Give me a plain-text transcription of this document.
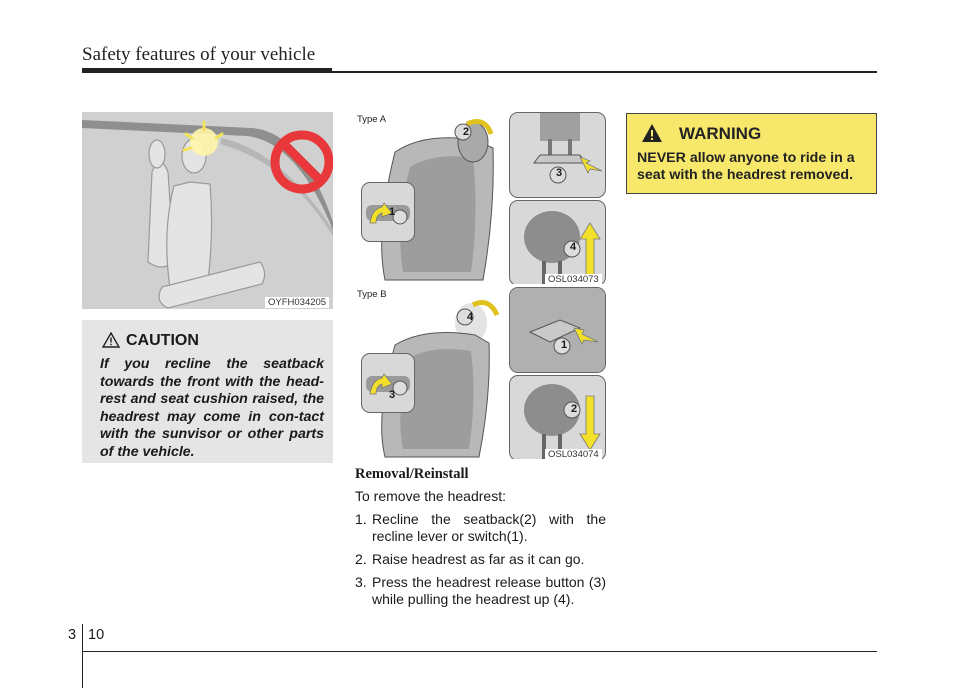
Safety features of your vehicle
OYFH034205
CAUTION
If you recline the seatback towards the front with the head-rest and seat cushion raised, the headrest may come in con-tact with the sunvisor or other parts of the vehicle.
Type A
2
1
3
4
OSL034073
Type B
4
3
1
2
OSL034074
Removal/Reinstall
To remove the headrest:
1. Recline the seatback(2) with the recline lever or switch(1).
2. Raise headrest as far as it can go.
3. Press the headrest release button (3) while pulling the headrest up (4).
WARNING
NEVER allow anyone to ride in a seat with the headrest removed.
3 10
